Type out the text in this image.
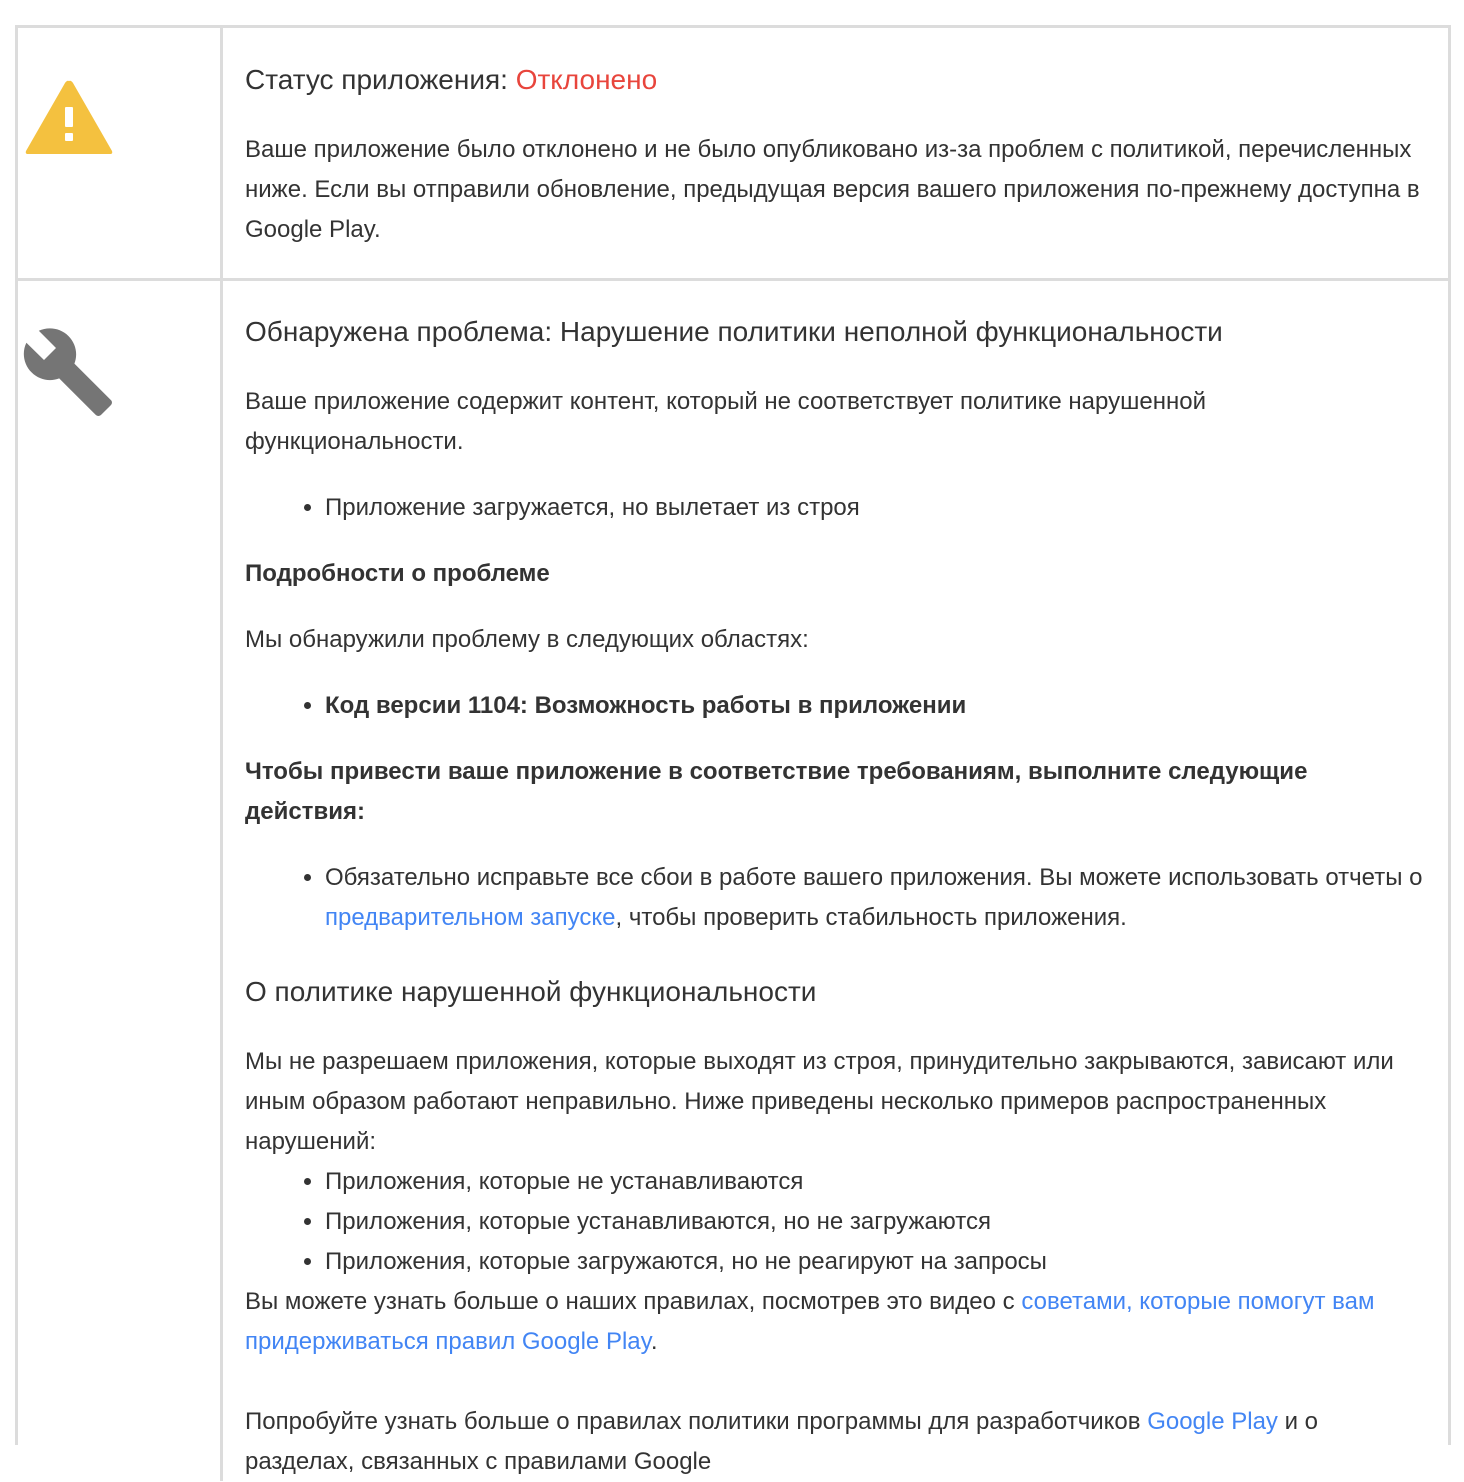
Статус приложения: Отклонено

Ваше приложение было отклонено и не было опубликовано из-за проблем с политикой, перечисленных ниже. Если вы отправили обновление, предыдущая версия вашего приложения по-прежнему доступна в Google Play.

Обнаружена проблема: Нарушение политики неполной функциональности

Ваше приложение содержит контент, который не соответствует политике нарушенной функциональности.

• Приложение загружается, но вылетает из строя

Подробности о проблеме

Мы обнаружили проблему в следующих областях:

• Код версии 1104: Возможность работы в приложении

Чтобы привести ваше приложение в соответствие требованиям, выполните следующие действия:

• Обязательно исправьте все сбои в работе вашего приложения. Вы можете использовать отчеты о предварительном запуске, чтобы проверить стабильность приложения.
О политике нарушенной функциональности

Мы не разрешаем приложения, которые выходят из строя, принудительно закрываются, зависают или иным образом работают неправильно. Ниже приведены несколько примеров распространенных нарушений:

• Приложения, которые не устанавливаются
• Приложения, которые устанавливаются, но не загружаются
• Приложения, которые загружаются, но не реагируют на запросы

Вы можете узнать больше о наших правилах, посмотрев это видео с советами, которые помогут вам придерживаться правил Google Play.

Попробуйте узнать больше о правилах политики программы для разработчиков Google Play и о разделах, связанных с правилами Google
